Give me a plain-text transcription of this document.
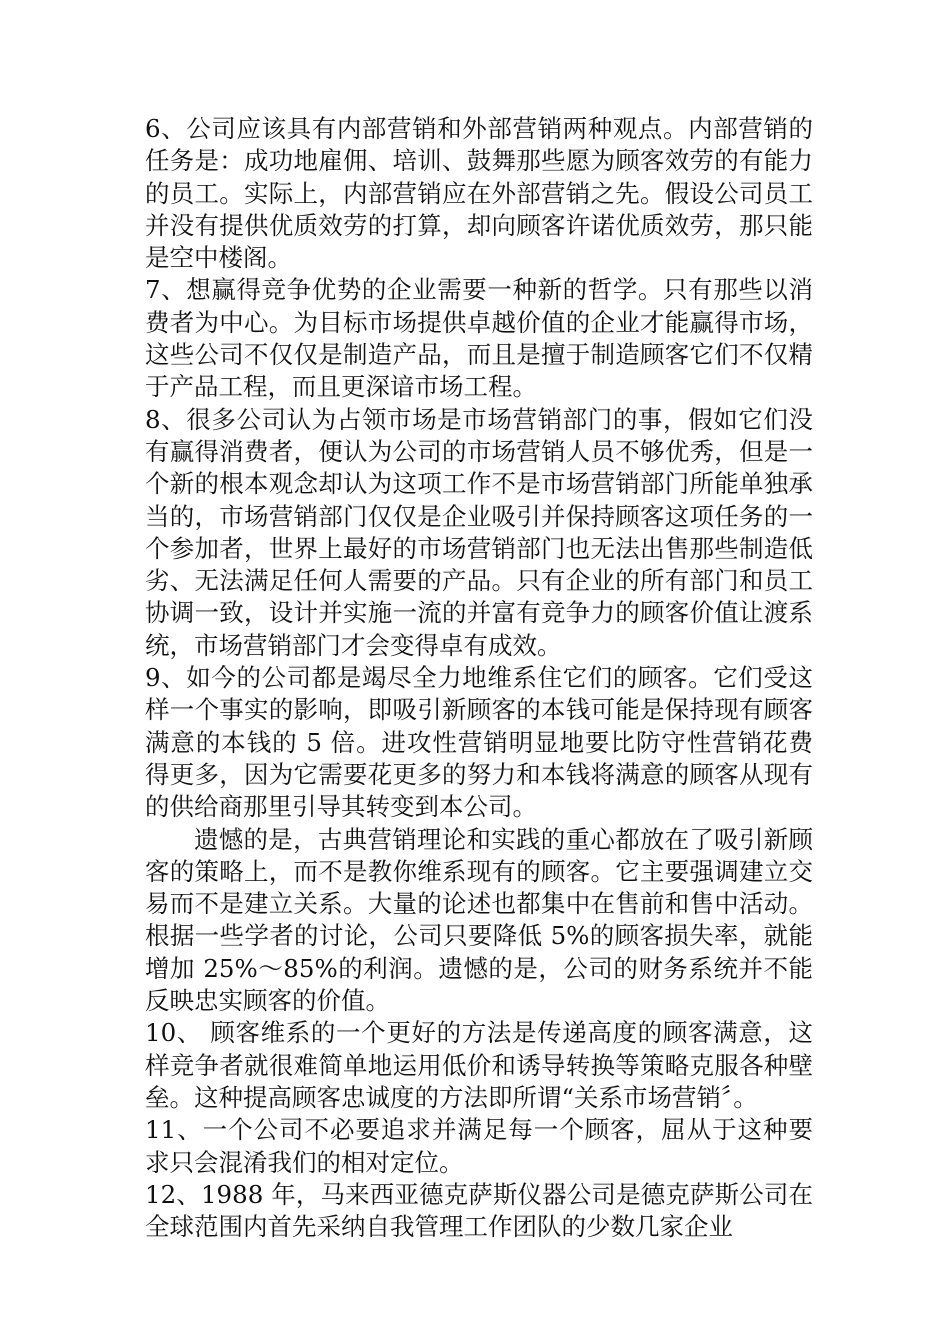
6、公司应该具有内部营销和外部营销两种观点。内部营销的任务是：成功地雇佣、培训、鼓舞那些愿为顾客效劳的有能力的员工。实际上，内部营销应在外部营销之先。假设公司员工并没有提供优质效劳的打算，却向顾客许诺优质效劳，那只能是空中楼阁。

7、想赢得竞争优势的企业需要一种新的哲学。只有那些以消费者为中心。为目标市场提供卓越价值的企业才能赢得市场，这些公司不仅仅是制造产品，而且是擅于制造顾客它们不仅精于产品工程，而且更深谙市场工程。

8、很多公司认为占领市场是市场营销部门的事，假如它们没有赢得消费者，便认为公司的市场营销人员不够优秀，但是一个新的根本观念却认为这项工作不是市场营销部门所能单独承当的，市场营销部门仅仅是企业吸引并保持顾客这项任务的一个参加者，世界上最好的市场营销部门也无法出售那些制造低劣、无法满足任何人需要的产品。只有企业的所有部门和员工协调一致，设计并实施一流的并富有竞争力的顾客价值让渡系统，市场营销部门才会变得卓有成效。

9、如今的公司都是竭尽全力地维系住它们的顾客。它们受这样一个事实的影响，即吸引新顾客的本钱可能是保持现有顾客满意的本钱的 5 倍。进攻性营销明显地要比防守性营销花费得更多，因为它需要花更多的努力和本钱将满意的顾客从现有的供给商那里引导其转变到本公司。

遗憾的是，古典营销理论和实践的重心都放在了吸引新顾客的策略上，而不是教你维系现有的顾客。它主要强调建立交易而不是建立关系。大量的论述也都集中在售前和售中活动。根据一些学者的讨论，公司只要降低 5%的顾客损失率，就能增加 25%～85%的利润。遗憾的是，公司的财务系统并不能反映忠实顾客的价值。

10、 顾客维系的一个更好的方法是传递高度的顾客满意，这样竞争者就很难简单地运用低价和诱导转换等策略克服各种壁垒。这种提高顾客忠诚度的方法即所谓“关系市场营销〞。

11、一个公司不必要追求并满足每一个顾客，屈从于这种要求只会混淆我们的相对定位。

12、1988 年，马来西亚德克萨斯仪器公司是德克萨斯公司在全球范围内首先采纳自我管理工作团队的少数几家企业
